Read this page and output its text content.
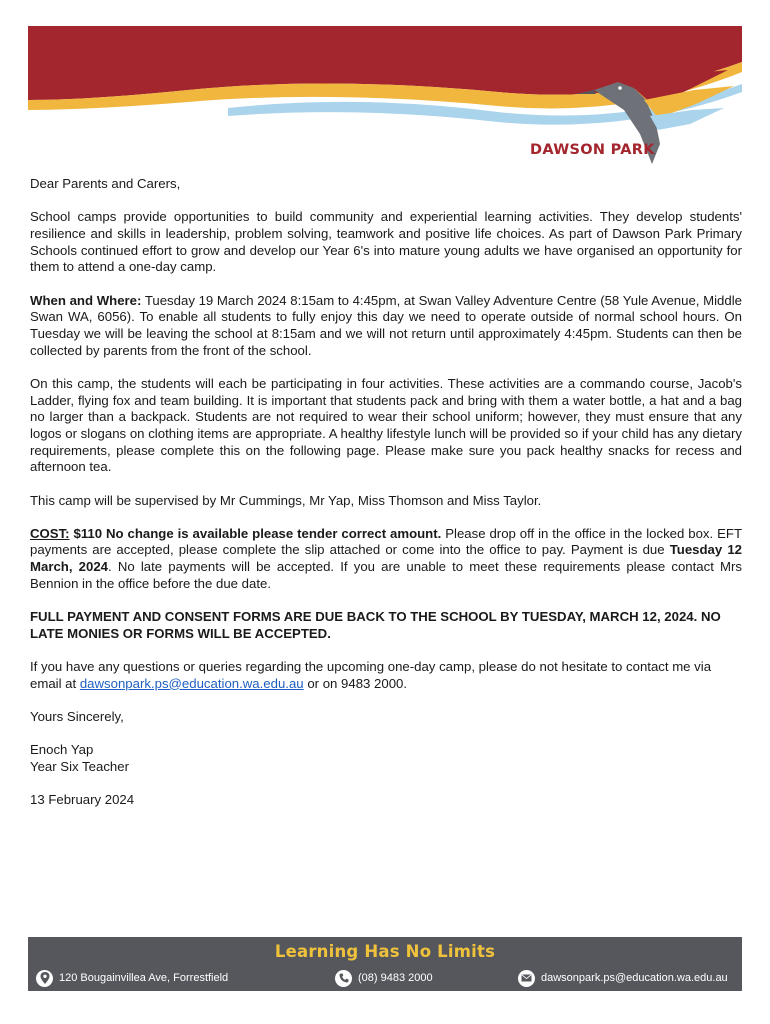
DAWSON PARK

Dear Parents and Carers,

School camps provide opportunities to build community and experiential learning activities. They develop students' resilience and skills in leadership, problem solving, teamwork and positive life choices. As part of Dawson Park Primary Schools continued effort to grow and develop our Year 6's into mature young adults we have organised an opportunity for them to attend a one-day camp.

When and Where: Tuesday 19 March 2024 8:15am to 4:45pm, at Swan Valley Adventure Centre (58 Yule Avenue, Middle Swan WA, 6056). To enable all students to fully enjoy this day we need to operate outside of normal school hours. On Tuesday we will be leaving the school at 8:15am and we will not return until approximately 4:45pm. Students can then be collected by parents from the front of the school.

On this camp, the students will each be participating in four activities. These activities are a commando course, Jacob's Ladder, flying fox and team building. It is important that students pack and bring with them a water bottle, a hat and a bag no larger than a backpack. Students are not required to wear their school uniform; however, they must ensure that any logos or slogans on clothing items are appropriate. A healthy lifestyle lunch will be provided so if your child has any dietary requirements, please complete this on the following page. Please make sure you pack healthy snacks for recess and afternoon tea.

This camp will be supervised by Mr Cummings, Mr Yap, Miss Thomson and Miss Taylor.

COST: $110 No change is available please tender correct amount. Please drop off in the office in the locked box. EFT payments are accepted, please complete the slip attached or come into the office to pay. Payment is due Tuesday 12 March, 2024. No late payments will be accepted. If you are unable to meet these requirements please contact Mrs Bennion in the office before the due date.

FULL PAYMENT AND CONSENT FORMS ARE DUE BACK TO THE SCHOOL BY TUESDAY, MARCH 12, 2024. NO LATE MONIES OR FORMS WILL BE ACCEPTED.

If you have any questions or queries regarding the upcoming one-day camp, please do not hesitate to contact me via email at dawsonpark.ps@education.wa.edu.au or on 9483 2000.

Yours Sincerely,

Enoch Yap

Year Six Teacher

13 February 2024

Learning Has No Limits
120 Bougainvillea Ave, Forrestfield	(08) 9483 2000	dawsonpark.ps@education.wa.edu.au
